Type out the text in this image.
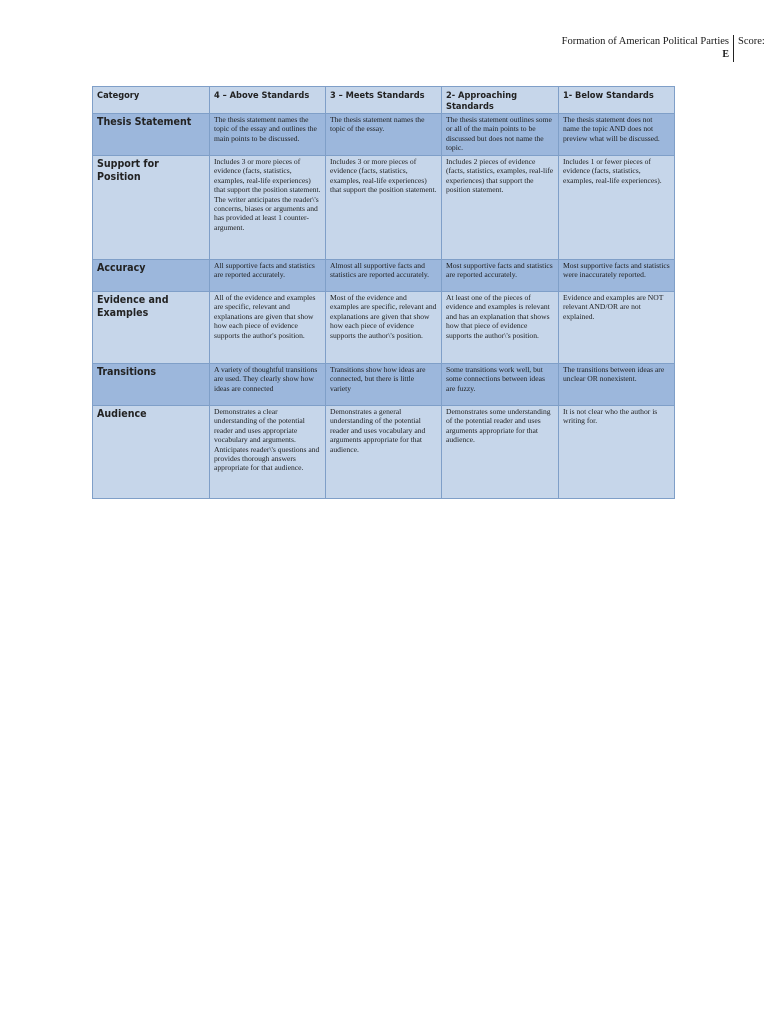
Formation of American Political Parties
E
Score:
Category	4 – Above Standards	3 – Meets Standards	2- Approaching Standards	1- Below Standards
Thesis Statement	The thesis statement names the topic of the essay and outlines the main points to be discussed.	The thesis statement names the topic of the essay.	The thesis statement outlines some or all of the main points to be discussed but does not name the topic.	The thesis statement does not name the topic AND does not preview what will be discussed.
Support for Position	Includes 3 or more pieces of evidence (facts, statistics, examples, real-life experiences) that support the position statement. The writer anticipates the reader\'s concerns, biases or arguments and has provided at least 1 counter-argument.	Includes 3 or more pieces of evidence (facts, statistics, examples, real-life experiences) that support the position statement.	Includes 2 pieces of evidence (facts, statistics, examples, real-life experiences) that support the position statement.	Includes 1 or fewer pieces of evidence (facts, statistics, examples, real-life experiences).
Accuracy	All supportive facts and statistics are reported accurately.	Almost all supportive facts and statistics are reported accurately.	Most supportive facts and statistics are reported accurately.	Most supportive facts and statistics were inaccurately reported.
Evidence and Examples	All of the evidence and examples are specific, relevant and explanations are given that show how each piece of evidence supports the author's position.	Most of the evidence and examples are specific, relevant and explanations are given that show how each piece of evidence supports the author\'s position.	At least one of the pieces of evidence and examples is relevant and has an explanation that shows how that piece of evidence supports the author\'s position.	Evidence and examples are NOT relevant AND/OR are not explained.
Transitions	A variety of thoughtful transitions are used. They clearly show how ideas are connected	Transitions show how ideas are connected, but there is little variety	Some transitions work well, but some connections between ideas are fuzzy.	The transitions between ideas are unclear OR nonexistent.
Audience	Demonstrates a clear understanding of the potential reader and uses appropriate vocabulary and arguments. Anticipates reader\'s questions and provides thorough answers appropriate for that audience.	Demonstrates a general understanding of the potential reader and uses vocabulary and arguments appropriate for that audience.	Demonstrates some understanding of the potential reader and uses arguments appropriate for that audience.	It is not clear who the author is writing for.
